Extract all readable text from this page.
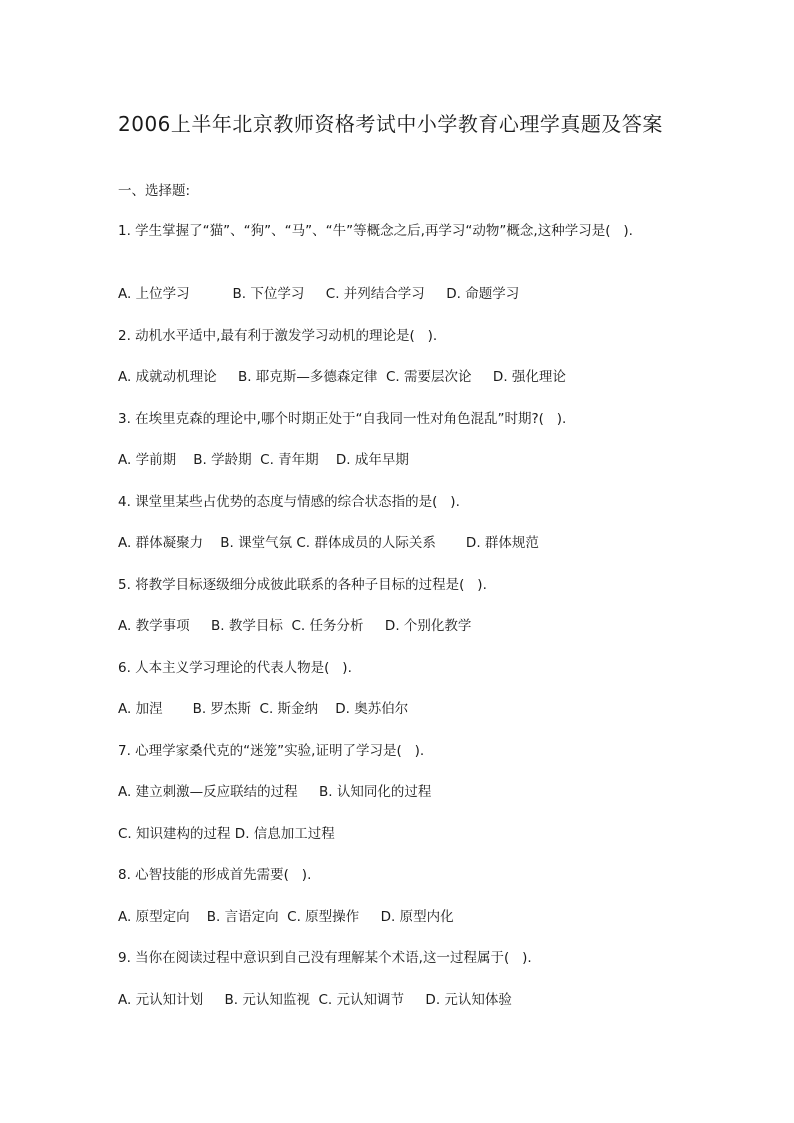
2006上半年北京教师资格考试中小学教育心理学真题及答案
一、选择题:
1. 学生掌握了“猫”、“狗”、“马”、“牛”等概念之后,再学习“动物”概念,这种学习是(   ).
A. 上位学习          B. 下位学习     C. 并列结合学习     D. 命题学习
2. 动机水平适中,最有利于激发学习动机的理论是(   ).
A. 成就动机理论     B. 耶克斯—多德森定律  C. 需要层次论     D. 强化理论
3. 在埃里克森的理论中,哪个时期正处于“自我同一性对角色混乱”时期?(   ).
A. 学前期    B. 学龄期  C. 青年期    D. 成年早期
4. 课堂里某些占优势的态度与情感的综合状态指的是(   ).
A. 群体凝聚力    B. 课堂气氛 C. 群体成员的人际关系       D. 群体规范
5. 将教学目标逐级细分成彼此联系的各种子目标的过程是(   ).
A. 教学事项     B. 教学目标  C. 任务分析     D. 个别化教学
6. 人本主义学习理论的代表人物是(   ).
A. 加涅       B. 罗杰斯  C. 斯金纳    D. 奥苏伯尔
7. 心理学家桑代克的“迷笼”实验,证明了学习是(   ).
A. 建立刺激—反应联结的过程     B. 认知同化的过程
C. 知识建构的过程 D. 信息加工过程
8. 心智技能的形成首先需要(   ).
A. 原型定向    B. 言语定向  C. 原型操作     D. 原型内化
9. 当你在阅读过程中意识到自己没有理解某个术语,这一过程属于(   ).
A. 元认知计划     B. 元认知监视  C. 元认知调节     D. 元认知体验
